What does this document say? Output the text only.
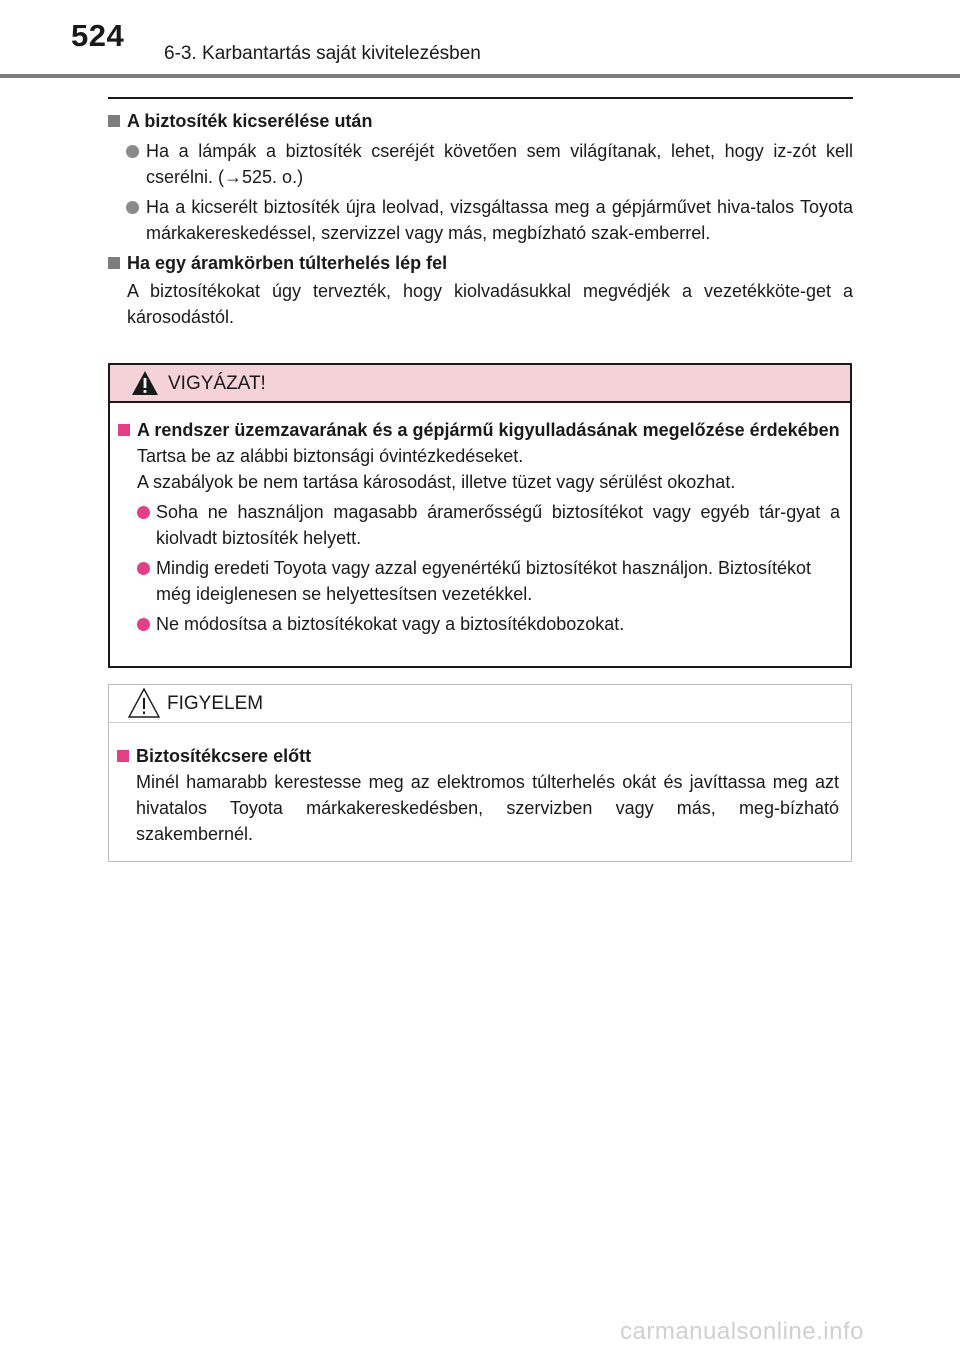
524
6-3. Karbantartás saját kivitelezésben

A biztosíték kicserélése után

Ha a lámpák a biztosíték cseréjét követően sem világítanak, lehet, hogy iz-zót kell cserélni. (→525. o.)

Ha a kicserélt biztosíték újra leolvad, vizsgáltassa meg a gépjárművet hiva-talos Toyota márkakereskedéssel, szervizzel vagy más, megbízható szak-emberrel.

Ha egy áramkörben túlterhelés lép fel

A biztosítékokat úgy tervezték, hogy kiolvadásukkal megvédjék a vezetékköte-get a károsodástól.

VIGYÁZAT!

A rendszer üzemzavarának és a gépjármű kigyulladásának megelőzése érdekében

Tartsa be az alábbi biztonsági óvintézkedéseket.

A szabályok be nem tartása károsodást, illetve tüzet vagy sérülést okozhat.

Soha ne használjon magasabb áramerősségű biztosítékot vagy egyéb tár-gyat a kiolvadt biztosíték helyett.

Mindig eredeti Toyota vagy azzal egyenértékű biztosítékot használjon. Biztosítékot még ideiglenesen se helyettesítsen vezetékkel.

Ne módosítsa a biztosítékokat vagy a biztosítékdobozokat.

FIGYELEM

Biztosítékcsere előtt

Minél hamarabb kerestesse meg az elektromos túlterhelés okát és javíttassa meg azt hivatalos Toyota márkakereskedésben, szervizben vagy más, meg-bízható szakembernél.

carmanualsonline.info
